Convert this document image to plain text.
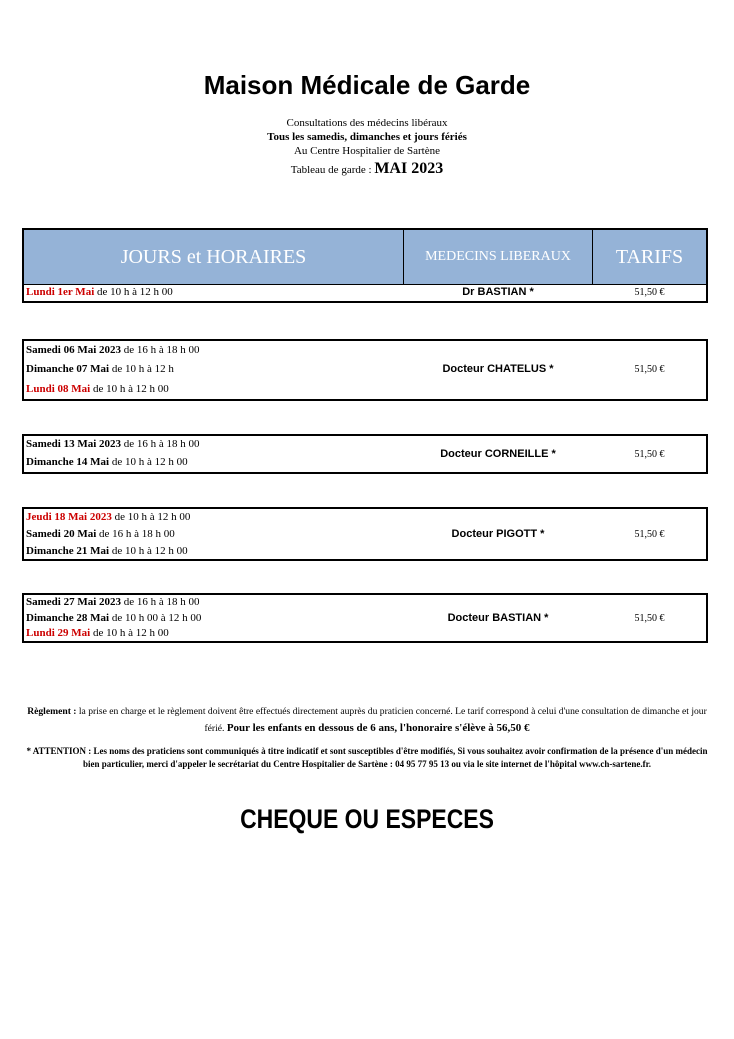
Maison Médicale de Garde
Consultations des médecins libéraux
Tous les samedis, dimanches et jours fériés
Au Centre Hospitalier de Sartène
Tableau de garde : MAI 2023
JOURS et HORAIRES	MEDECINS LIBERAUX	TARIFS
Lundi 1er Mai de 10 h à 12 h 00	Dr BASTIAN *	51,50 €
Samedi 06 Mai 2023 de 16 h à 18 h 00
Dimanche 07 Mai de 10 h à 12 h
Lundi 08 Mai de 10 h à 12 h 00
Docteur CHATELUS *	51,50 €
Samedi 13 Mai 2023 de 16 h à 18 h 00
Dimanche 14 Mai de 10 h à 12 h 00
Docteur CORNEILLE *	51,50 €
Jeudi 18 Mai 2023 de 10 h à 12 h 00
Samedi 20 Mai de 16 h à 18 h 00
Dimanche 21 Mai de 10 h à 12 h 00
Docteur PIGOTT *	51,50 €
Samedi 27 Mai 2023 de 16 h à 18 h 00
Dimanche 28 Mai de 10 h 00 à 12 h 00
Lundi 29 Mai de 10 h à 12 h 00
Docteur BASTIAN *	51,50 €
Règlement : la prise en charge et le règlement doivent être effectués directement auprès du praticien concerné. Le tarif correspond à celui d'une consultation de dimanche et jour férié. Pour les enfants en dessous de 6 ans, l'honoraire s'élève à 56,50 €
* ATTENTION : Les noms des praticiens sont communiqués à titre indicatif et sont susceptibles d'être modifiés, Si vous souhaitez avoir confirmation de la présence d'un médecin bien particulier, merci d'appeler le secrétariat du Centre Hospitalier de Sartène : 04 95 77 95 13 ou via le site internet de l'hôpital www.ch-sartene.fr.
CHEQUE OU ESPECES
